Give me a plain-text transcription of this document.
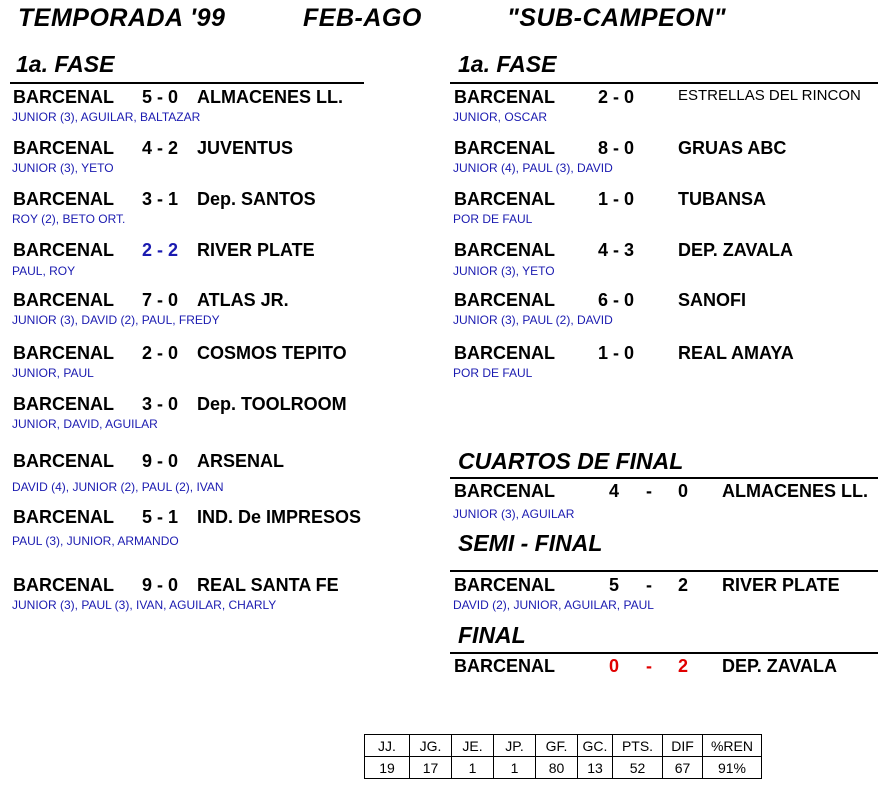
TEMPORADA '99	FEB-AGO	"SUB-CAMPEON"
1a. FASE
BARCENAL 5 - 0 ALMACENES LL.
JUNIOR (3), AGUILAR, BALTAZAR
BARCENAL 4 - 2 JUVENTUS
JUNIOR (3), YETO
BARCENAL 3 - 1 Dep. SANTOS
ROY (2), BETO ORT.
BARCENAL 2 - 2 RIVER PLATE
PAUL, ROY
BARCENAL 7 - 0 ATLAS JR.
JUNIOR (3), DAVID (2), PAUL, FREDY
BARCENAL 2 - 0 COSMOS TEPITO
JUNIOR, PAUL
BARCENAL 3 - 0 Dep. TOOLROOM
JUNIOR, DAVID, AGUILAR
BARCENAL 9 - 0 ARSENAL
DAVID (4), JUNIOR (2), PAUL (2), IVAN
BARCENAL 5 - 1 IND. De IMPRESOS
PAUL (3), JUNIOR, ARMANDO
BARCENAL 9 - 0 REAL SANTA FE
JUNIOR (3), PAUL (3), IVAN, AGUILAR, CHARLY
1a. FASE
BARCENAL 2 - 0	ESTRELLAS DEL RINCON
JUNIOR, OSCAR
BARCENAL 8 - 0 GRUAS ABC
JUNIOR (4), PAUL (3), DAVID
BARCENAL 1 - 0 TUBANSA
POR DE FAUL
BARCENAL 4 - 3 DEP. ZAVALA
JUNIOR (3), YETO
BARCENAL 6 - 0 SANOFI
JUNIOR (3), PAUL (2), DAVID
BARCENAL 1 - 0 REAL AMAYA
POR DE FAUL
CUARTOS DE FINAL
BARCENAL	4 - 0 ALMACENES LL.
JUNIOR (3), AGUILAR
SEMI - FINAL
BARCENAL	5 - 2 RIVER PLATE
DAVID (2), JUNIOR, AGUILAR, PAUL
FINAL
BARCENAL	0 - 2 DEP. ZAVALA
JJ.	JG.	JE.	JP.	GF.	GC.	PTS.	DIF	%REN
19	17	1	1	80	13	52	67	91%
